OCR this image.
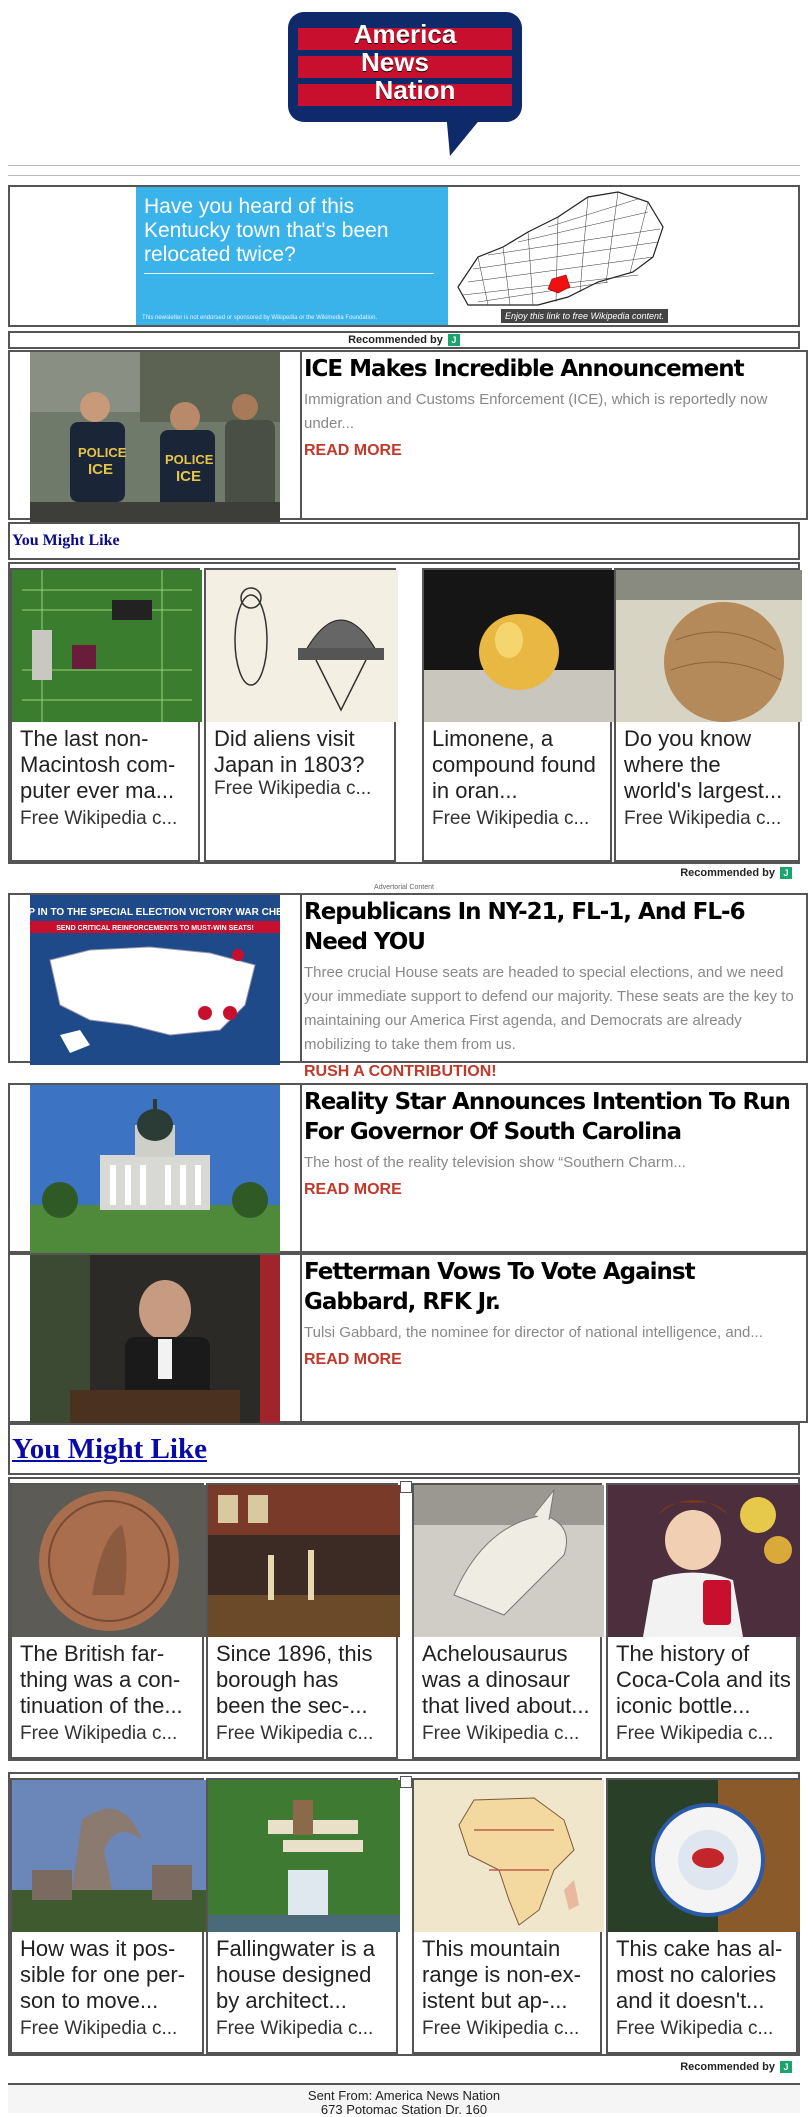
America
News
Nation
Have you heard of this Kentucky town that's been relocated twice?
This newsletter is not endorsed or sponsored by Wikipedia or the Wikimedia Foundation.	Enjoy this link to free Wikipedia content.
Recommended by J
POLICE
ICE
POLICE
ICE
ICE Makes Incredible Announcement

Immigration and Customs Enforcement (ICE), which is reportedly now under...

READ MORE
You Might Like
The last non-Macintosh com-puter ever ma...
Free Wikipedia c...
Did aliens visit Japan in 1803?
Free Wikipedia c...
Limonene, a compound found in oran...
Free Wikipedia c...
Do you know where the world's largest...
Free Wikipedia c...
Recommended by J
Advertorial Content
CHIP IN TO THE SPECIAL ELECTION VICTORY WAR CHEST!
SEND CRITICAL REINFORCEMENTS TO MUST-WIN SEATS!
Republicans In NY-21, FL-1, And FL-6 Need YOU

Three crucial House seats are headed to special elections, and we need your immediate support to defend our majority. These seats are the key to maintaining our America First agenda, and Democrats are already mobilizing to take them from us.

RUSH A CONTRIBUTION!
Reality Star Announces Intention To Run For Governor Of South Carolina

The host of the reality television show “Southern Charm...

READ MORE
Fetterman Vows To Vote Against Gabbard, RFK Jr.

Tulsi Gabbard, the nominee for director of national intelligence, and...

READ MORE
You Might Like
The British far-thing was a con-tinuation of the...
Free Wikipedia c...
Since 1896, this borough has been the sec-...
Free Wikipedia c...
Achelousaurus was a dinosaur that lived about...
Free Wikipedia c...
The history of Coca-Cola and its iconic bottle...
Free Wikipedia c...
How was it pos-sible for one per-son to move...
Free Wikipedia c...
Fallingwater is a house designed by architect...
Free Wikipedia c...
This mountain range is non-ex-istent but ap-...
Free Wikipedia c...
This cake has al-most no calories and it doesn't...
Free Wikipedia c...
Recommended by J
Sent From: America News Nation
673 Potomac Station Dr. 160
